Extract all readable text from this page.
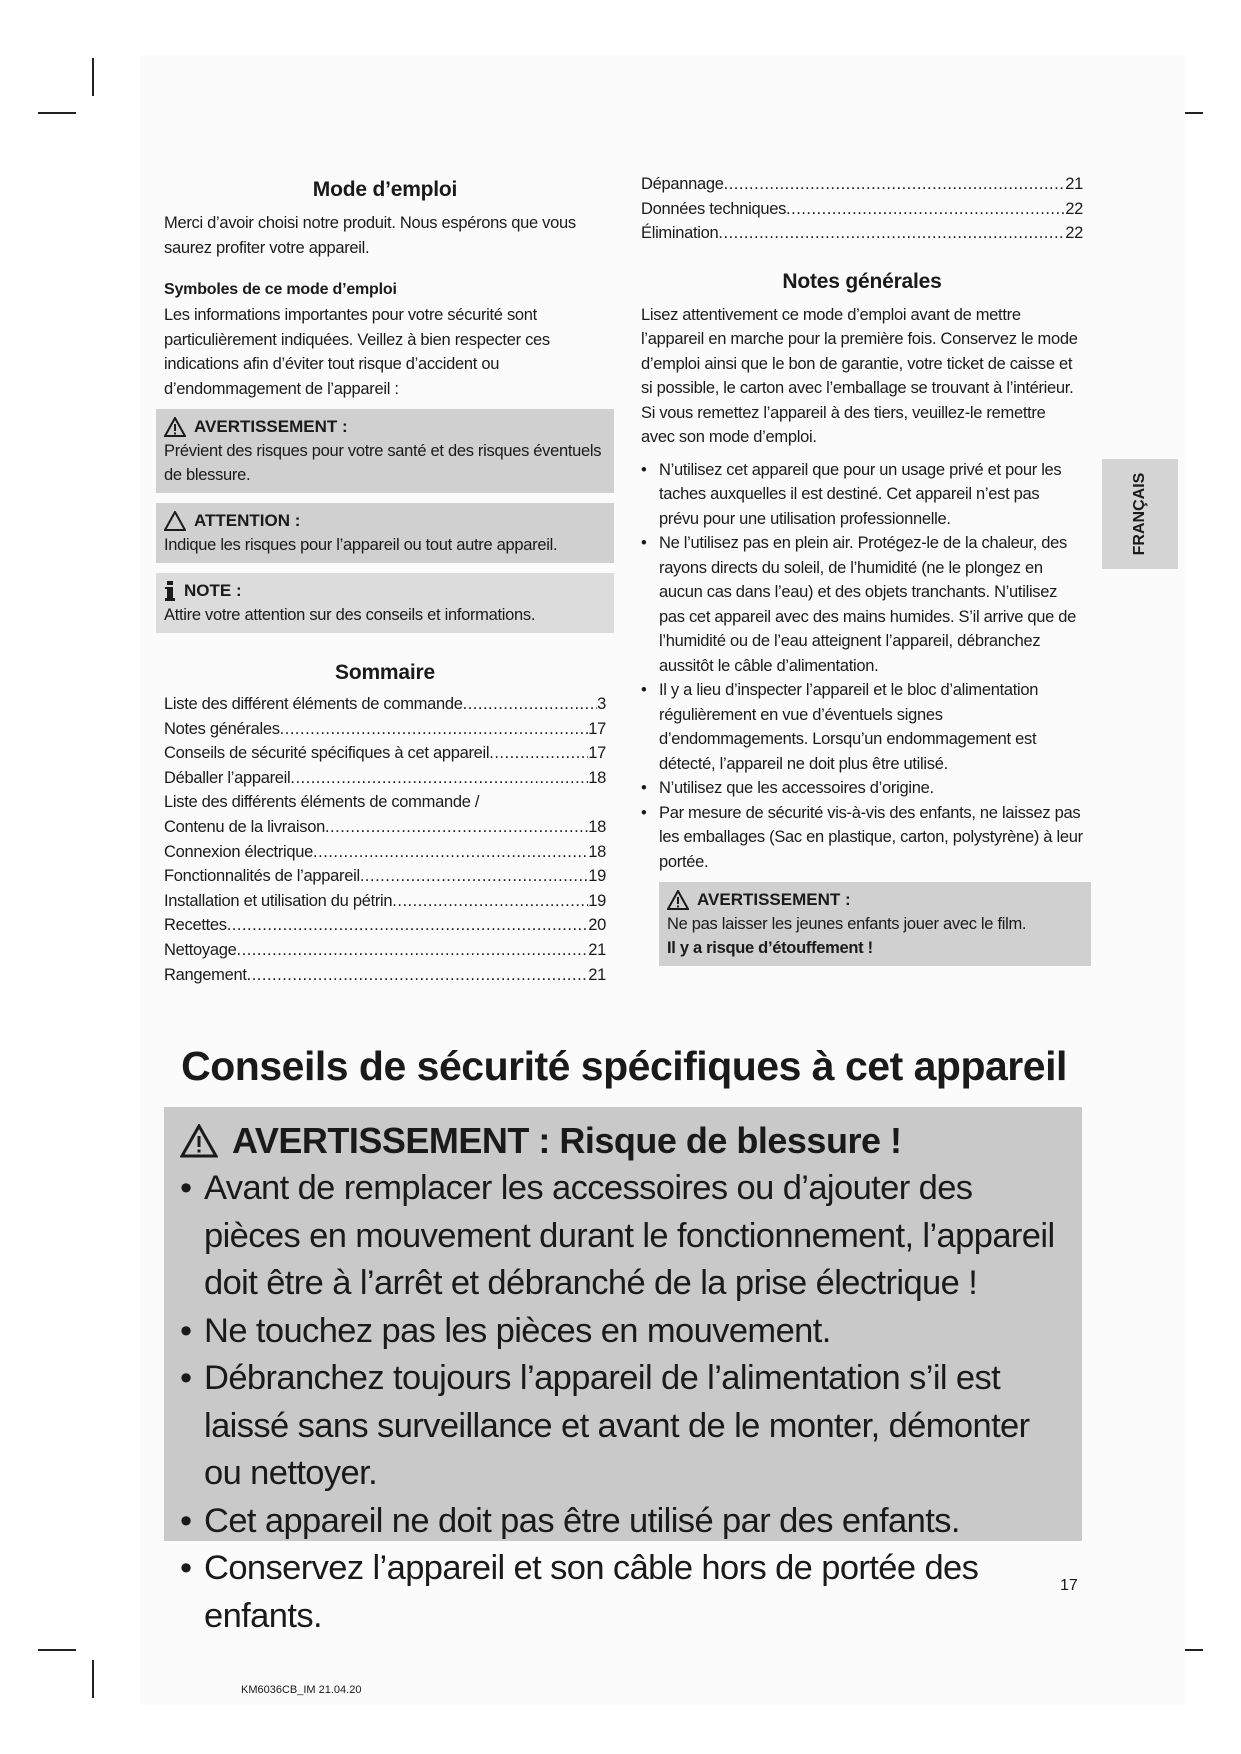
Mode d’emploi

Merci d’avoir choisi notre produit. Nous espérons que vous saurez profiter votre appareil.

Symboles de ce mode d’emploi

Les informations importantes pour votre sécurité sont particulièrement indiquées. Veillez à bien respecter ces indications afin d’éviter tout risque d’accident ou d’endommagement de l’appareil :

AVERTISSEMENT :
Prévient des risques pour votre santé et des risques éventuels de blessure.
ATTENTION :
Indique les risques pour l’appareil ou tout autre appareil.
NOTE :
Attire votre attention sur des conseils et informations.
Sommaire
Liste des différent éléments de commande .....	3
Notes générales .....	17
Conseils de sécurité spécifiques à cet appareil .....	17
Déballer l’appareil .....	18
Liste des différents éléments de commande /
Contenu de la livraison .....	18
Connexion électrique .....	18
Fonctionnalités de l’appareil .....	19
Installation et utilisation du pétrin .....	19
Recettes .....	20
Nettoyage .....	21
Rangement .....	21
Dépannage .....	21
Données techniques .....	22
Élimination .....	22
Notes générales

Lisez attentivement ce mode d’emploi avant de mettre l’appareil en marche pour la première fois. Conservez le mode d’emploi ainsi que le bon de garantie, votre ticket de caisse et si possible, le carton avec l’emballage se trouvant à l’intérieur. Si vous remettez l’appareil à des tiers, veuillez-le remettre avec son mode d’emploi.

• N’utilisez cet appareil que pour un usage privé et pour les taches auxquelles il est destiné. Cet appareil n’est pas prévu pour une utilisation professionnelle.
• Ne l’utilisez pas en plein air. Protégez-le de la chaleur, des rayons directs du soleil, de l’humidité (ne le plongez en aucun cas dans l’eau) et des objets tranchants. N’utilisez pas cet appareil avec des mains humides. S’il arrive que de l’humidité ou de l’eau atteignent l’appareil, débranchez aussitôt le câble d’alimentation.
• Il y a lieu d’inspecter l’appareil et le bloc d’alimentation régulièrement en vue d’éventuels signes d’endommagements. Lorsqu’un endommagement est détecté, l’appareil ne doit plus être utilisé.
• N’utilisez que les accessoires d’origine.
• Par mesure de sécurité vis-à-vis des enfants, ne laissez pas les emballages (Sac en plastique, carton, polystyrène) à leur portée.
AVERTISSEMENT :
Ne pas laisser les jeunes enfants jouer avec le film.
Il y a risque d’étouffement !
FRANÇAIS
Conseils de sécurité spécifiques à cet appareil
AVERTISSEMENT : Risque de blessure !
• Avant de remplacer les accessoires ou d’ajouter des pièces en mouvement durant le fonctionnement, l’appareil doit être à l’arrêt et débranché de la prise électrique !
• Ne touchez pas les pièces en mouvement.
• Débranchez toujours l’appareil de l’alimentation s’il est laissé sans surveillance et avant de le monter, démonter ou nettoyer.
• Cet appareil ne doit pas être utilisé par des enfants.
• Conservez l’appareil et son câble hors de portée des enfants.
17
KM6036CB_IM 21.04.20
